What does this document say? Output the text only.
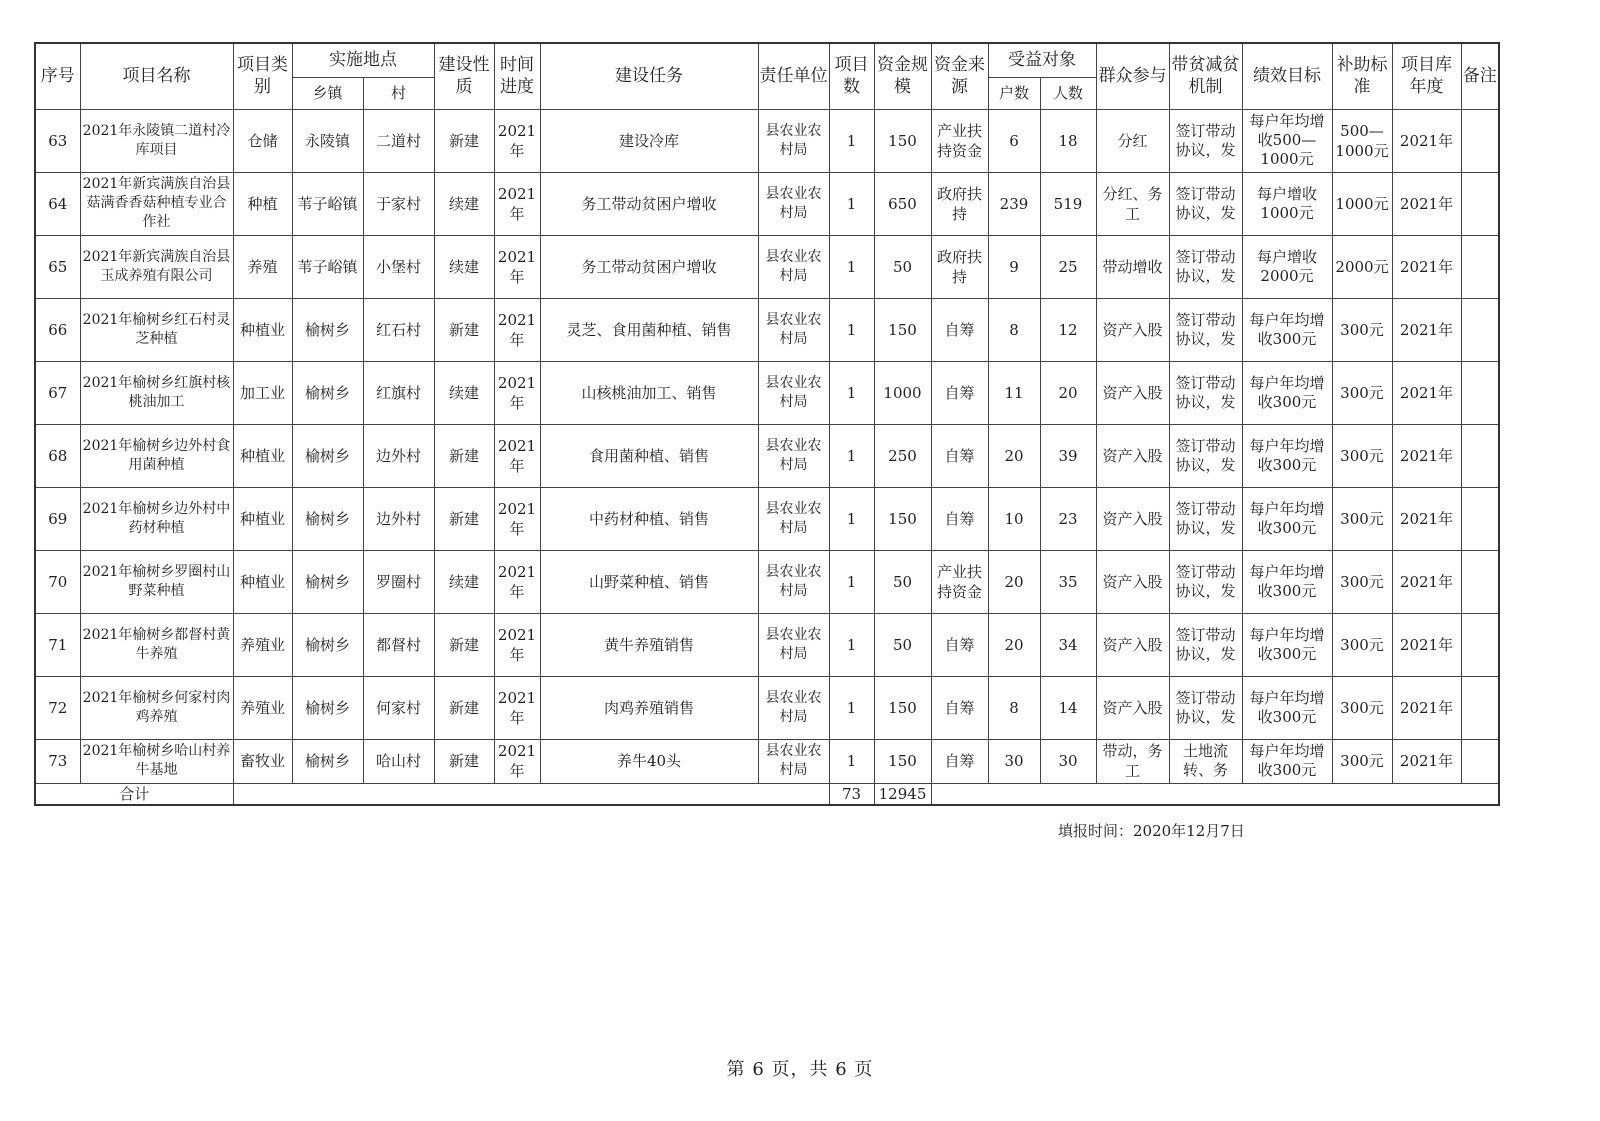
序号	项目名称	项目类别	实施地点		建设性质	时间进度	建设任务	责任单位	项目数	资金规模	资金来源	受益对象		群众参与	带贫减贫机制	绩效目标	补助标准	项目库年度	备注
			乡镇	村								户数	人数						
63	2021年永陵镇二道村冷库项目	仓储	永陵镇	二道村	新建	2021年	建设冷库	县农业农村局	1	150	产业扶持资金	6	18	分红	签订带动协议，发	每户年均增收500—1000元	500—1000元	2021年	
64	2021年新宾满族自治县菇满香香菇种植专业合作社	种植	苇子峪镇	于家村	续建	2021年	务工带动贫困户增收	县农业农村局	1	650	政府扶持	239	519	分红、务工	签订带动协议，发	每户增收1000元	1000元	2021年	
65	2021年新宾满族自治县玉成养殖有限公司	养殖	苇子峪镇	小堡村	续建	2021年	务工带动贫困户增收	县农业农村局	1	50	政府扶持	9	25	带动增收	签订带动协议，发	每户增收2000元	2000元	2021年	
66	2021年榆树乡红石村灵芝种植	种植业	榆树乡	红石村	新建	2021年	灵芝、食用菌种植、销售	县农业农村局	1	150	自筹	8	12	资产入股	签订带动协议，发	每户年均增收300元	300元	2021年	
67	2021年榆树乡红旗村核桃油加工	加工业	榆树乡	红旗村	续建	2021年	山核桃油加工、销售	县农业农村局	1	1000	自筹	11	20	资产入股	签订带动协议，发	每户年均增收300元	300元	2021年	
68	2021年榆树乡边外村食用菌种植	种植业	榆树乡	边外村	新建	2021年	食用菌种植、销售	县农业农村局	1	250	自筹	20	39	资产入股	签订带动协议，发	每户年均增收300元	300元	2021年	
69	2021年榆树乡边外村中药材种植	种植业	榆树乡	边外村	新建	2021年	中药材种植、销售	县农业农村局	1	150	自筹	10	23	资产入股	签订带动协议，发	每户年均增收300元	300元	2021年	
70	2021年榆树乡罗圈村山野菜种植	种植业	榆树乡	罗圈村	续建	2021年	山野菜种植、销售	县农业农村局	1	50	产业扶持资金	20	35	资产入股	签订带动协议，发	每户年均增收300元	300元	2021年	
71	2021年榆树乡都督村黄牛养殖	养殖业	榆树乡	都督村	新建	2021年	黄牛养殖销售	县农业农村局	1	50	自筹	20	34	资产入股	签订带动协议，发	每户年均增收300元	300元	2021年	
72	2021年榆树乡何家村肉鸡养殖	养殖业	榆树乡	何家村	新建	2021年	肉鸡养殖销售	县农业农村局	1	150	自筹	8	14	资产入股	签订带动协议，发	每户年均增收300元	300元	2021年	
73	2021年榆树乡哈山村养牛基地	畜牧业	榆树乡	哈山村	新建	2021年	养牛40头	县农业农村局	1	150	自筹	30	30	带动，务工	土地流转、务	每户年均增收300元	300元	2021年	
合计									73	12945									

填报时间：2020年12月7日

第 6 页，共 6 页
